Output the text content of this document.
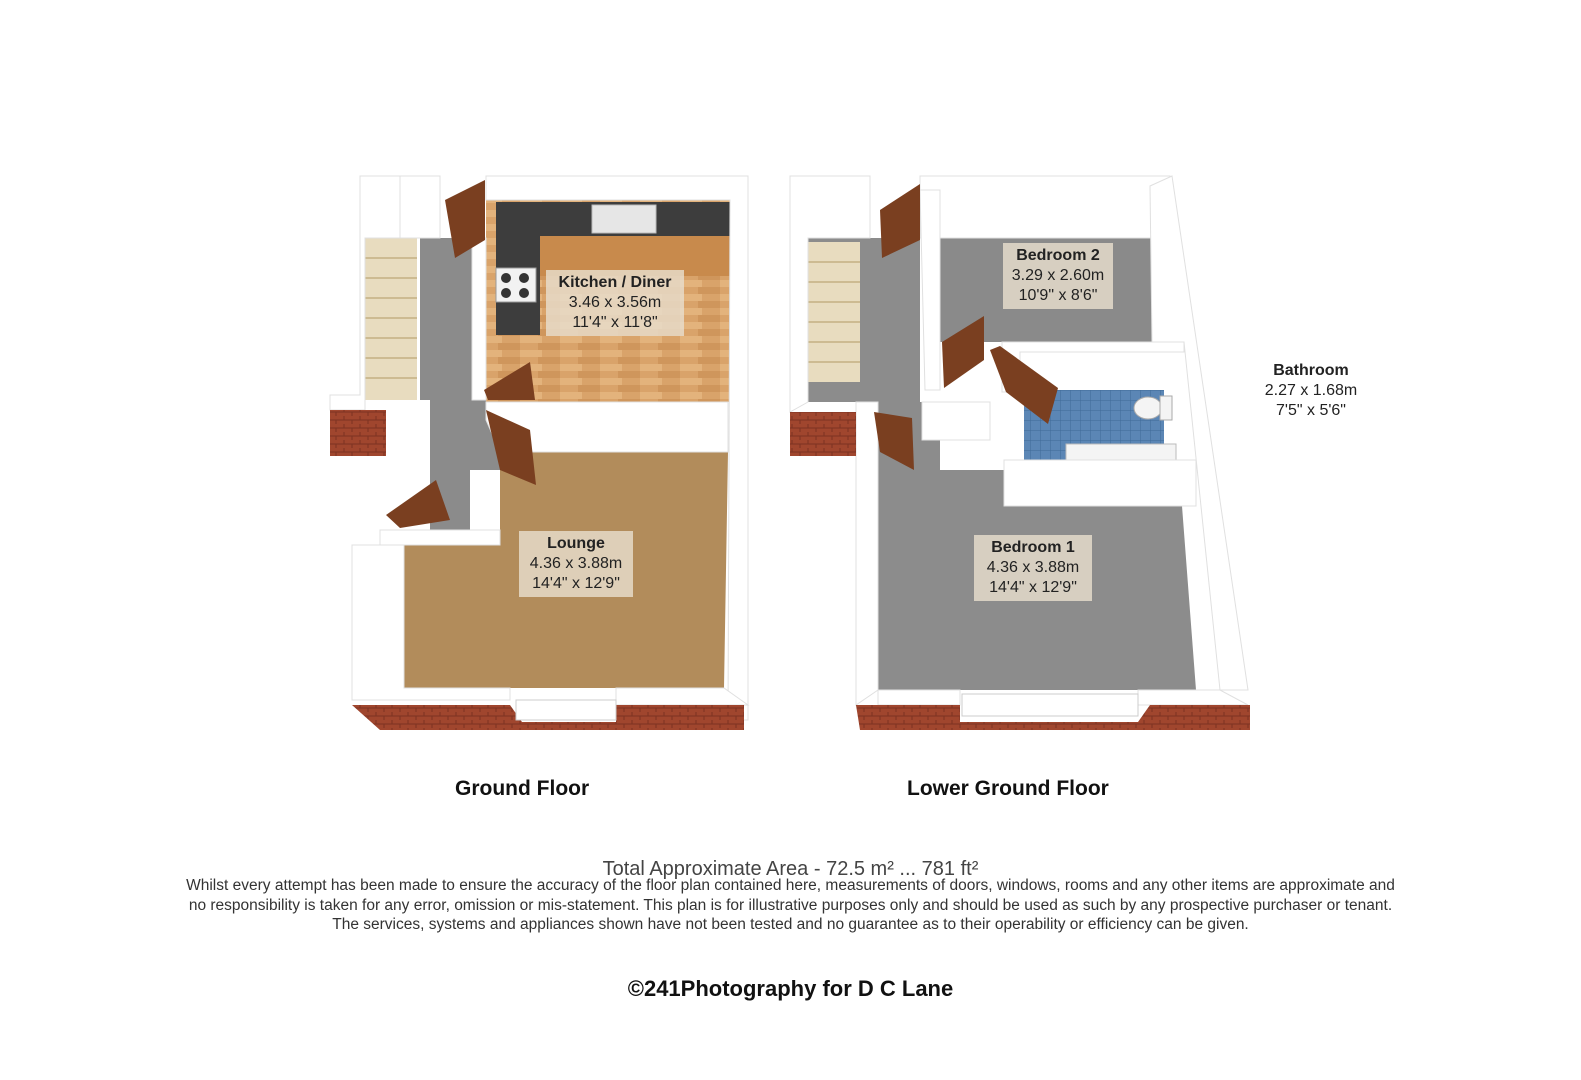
Kitchen / Diner
3.46 x 3.56m
11'4" x 11'8"
Lounge
4.36 x 3.88m
14'4" x 12'9"
Bedroom 2
3.29 x 2.60m
10'9" x 8'6"
Bathroom
2.27 x 1.68m
7'5" x 5'6"
Bedroom 1
4.36 x 3.88m
14'4" x 12'9"
Ground Floor	Lower Ground Floor
Total Approximate Area - 72.5 m² ... 781 ft²
Whilst every attempt has been made to ensure the accuracy of the floor plan contained here, measurements of doors, windows, rooms and any other items are approximate and
no responsibility is taken for any error, omission or mis-statement. This plan is for illustrative purposes only and should be used as such by any prospective purchaser or tenant.
The services, systems and appliances shown have not been tested and no guarantee as to their operability or efficiency can be given.
©241Photography for D C Lane
